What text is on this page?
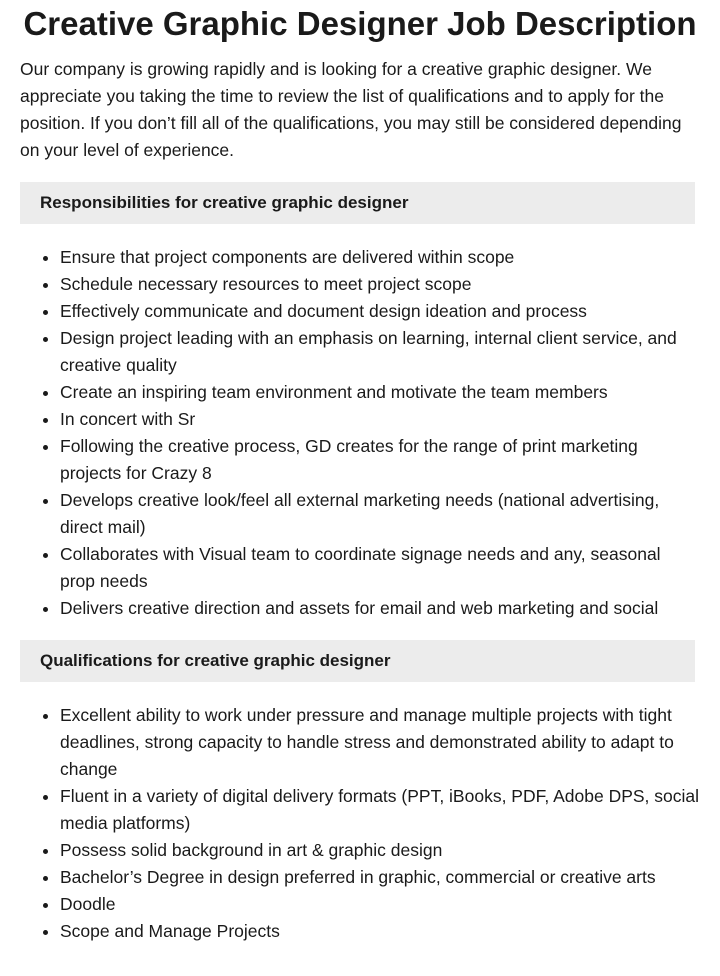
Creative Graphic Designer Job Description

Our company is growing rapidly and is looking for a creative graphic designer. We appreciate you taking the time to review the list of qualifications and to apply for the position. If you don’t fill all of the qualifications, you may still be considered depending on your level of experience.

Responsibilities for creative graphic designer
• Ensure that project components are delivered within scope
• Schedule necessary resources to meet project scope
• Effectively communicate and document design ideation and process
• Design project leading with an emphasis on learning, internal client service, and creative quality
• Create an inspiring team environment and motivate the team members
• In concert with Sr
• Following the creative process, GD creates for the range of print marketing projects for Crazy 8
• Develops creative look/feel all external marketing needs (national advertising, direct mail)
• Collaborates with Visual team to coordinate signage needs and any, seasonal prop needs
• Delivers creative direction and assets for email and web marketing and social
Qualifications for creative graphic designer
• Excellent ability to work under pressure and manage multiple projects with tight deadlines, strong capacity to handle stress and demonstrated ability to adapt to change
• Fluent in a variety of digital delivery formats (PPT, iBooks, PDF, Adobe DPS, social media platforms)
• Possess solid background in art & graphic design
• Bachelor’s Degree in design preferred in graphic, commercial or creative arts
• Doodle
• Scope and Manage Projects
